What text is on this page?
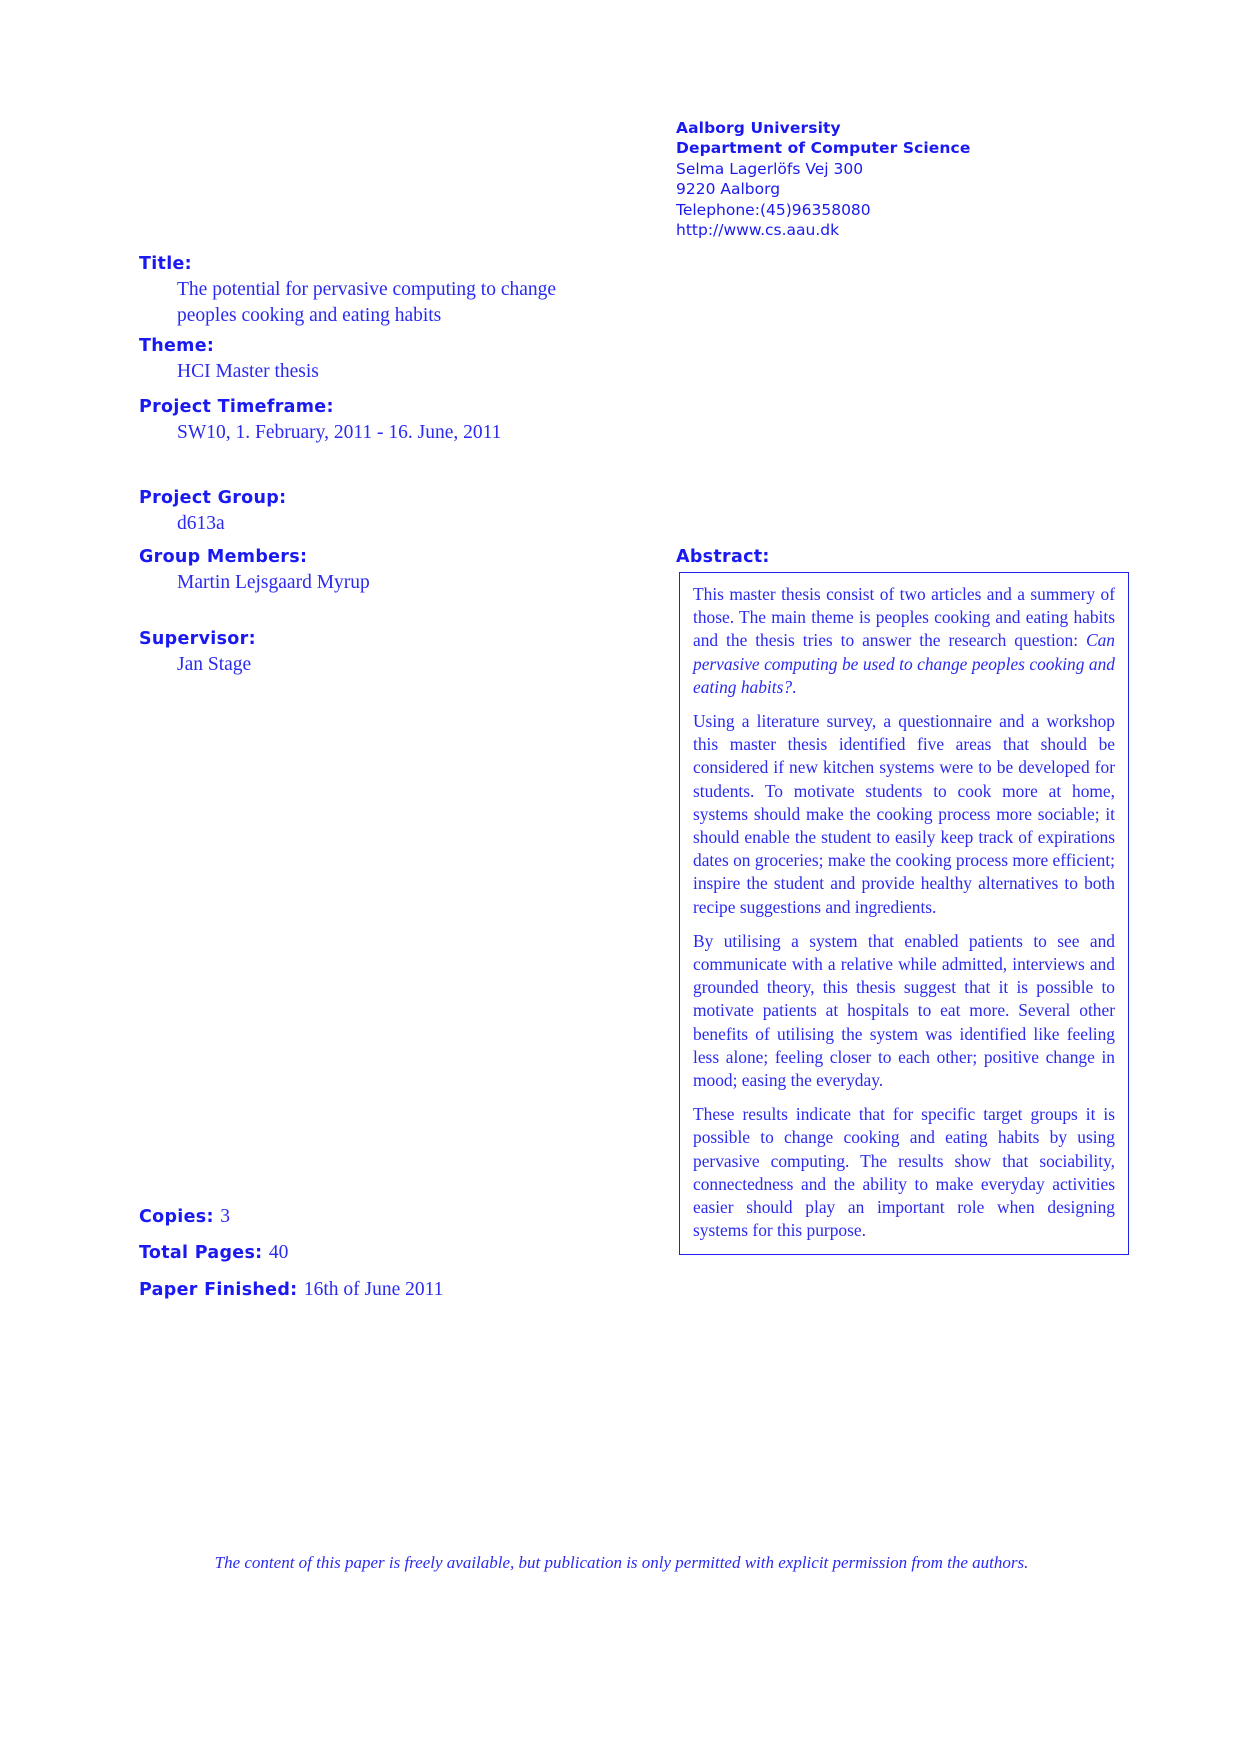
Aalborg University
Department of Computer Science
Selma Lagerlöfs Vej 300
9220 Aalborg
Telephone:(45)96358080
http://www.cs.aau.dk
Title:
The potential for pervasive computing to change peoples cooking and eating habits
Theme:
HCI Master thesis
Project Timeframe:
SW10, 1. February, 2011 - 16. June, 2011
Project Group:
d613a
Group Members:
Martin Lejsgaard Myrup
Supervisor:
Jan Stage
Abstract:

This master thesis consist of two articles and a summery of those. The main theme is peoples cooking and eating habits and the thesis tries to answer the research question: Can pervasive computing be used to change peoples cooking and eating habits?.

Using a literature survey, a questionnaire and a workshop this master thesis identified five areas that should be considered if new kitchen systems were to be developed for students. To motivate students to cook more at home, systems should make the cooking process more sociable; it should enable the student to easily keep track of expirations dates on groceries; make the cooking process more efficient; inspire the student and provide healthy alternatives to both recipe suggestions and ingredients.

By utilising a system that enabled patients to see and communicate with a relative while admitted, interviews and grounded theory, this thesis suggest that it is possible to motivate patients at hospitals to eat more. Several other benefits of utilising the system was identified like feeling less alone; feeling closer to each other; positive change in mood; easing the everyday.

These results indicate that for specific target groups it is possible to change cooking and eating habits by using pervasive computing. The results show that sociability, connectedness and the ability to make everyday activities easier should play an important role when designing systems for this purpose.

Copies: 3
Total Pages: 40
Paper Finished: 16th of June 2011
The content of this paper is freely available, but publication is only permitted with explicit permission from the authors.
